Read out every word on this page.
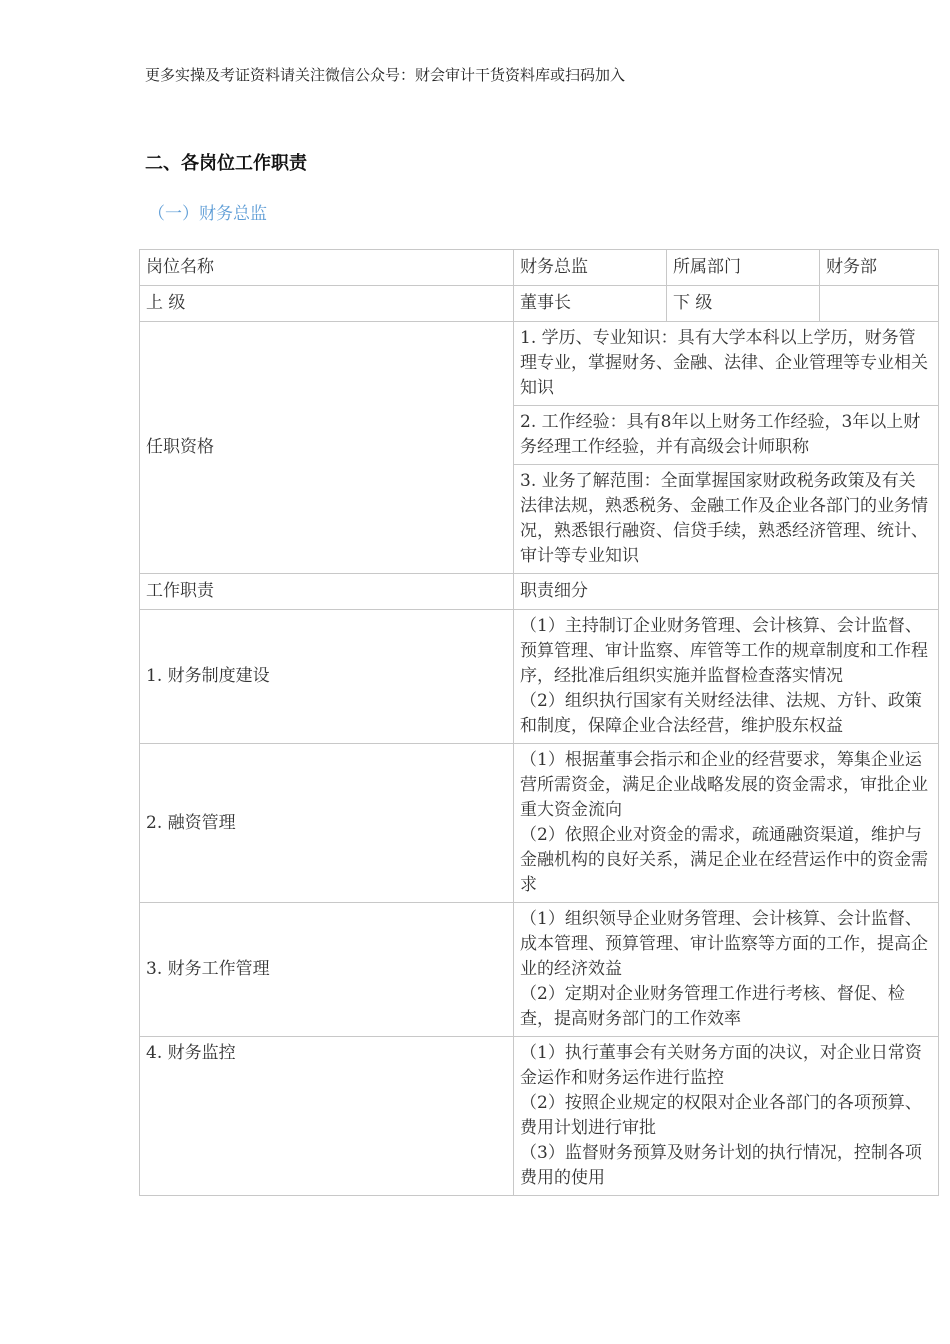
更多实操及考证资料请关注微信公众号：财会审计干货资料库或扫码加入
二、各岗位工作职责
（一）财务总监
岗位名称	财务总监	所属部门	财务部
上 级	董事长	下 级	
任职资格	1. 学历、专业知识：具有大学本科以上学历，财务管理专业，掌握财务、金融、法律、企业管理等专业相关知识		
	2. 工作经验：具有8年以上财务工作经验，3年以上财务经理工作经验，并有高级会计师职称		
	3. 业务了解范围：全面掌握国家财政税务政策及有关法律法规，熟悉税务、金融工作及企业各部门的业务情况，熟悉银行融资、信贷手续，熟悉经济管理、统计、审计等专业知识		
工作职责	职责细分		
1. 财务制度建设	（1）主持制订企业财务管理、会计核算、会计监督、预算管理、审计监察、库管等工作的规章制度和工作程序，经批准后组织实施并监督检查落实情况
（2）组织执行国家有关财经法律、法规、方针、政策和制度，保障企业合法经营，维护股东权益		

2. 融资管理	（1）根据董事会指示和企业的经营要求，筹集企业运营所需资金，满足企业战略发展的资金需求，审批企业重大资金流向
（2）依照企业对资金的需求，疏通融资渠道，维护与金融机构的良好关系，满足企业在经营运作中的资金需求		

3. 财务工作管理	（1）组织领导企业财务管理、会计核算、会计监督、成本管理、预算管理、审计监察等方面的工作，提高企业的经济效益
（2）定期对企业财务管理工作进行考核、督促、检查，提高财务部门的工作效率		

4. 财务监控	（1）执行董事会有关财务方面的决议，对企业日常资金运作和财务运作进行监控
（2）按照企业规定的权限对企业各部门的各项预算、费用计划进行审批
（3）监督财务预算及财务计划的执行情况，控制各项费用的使用		
